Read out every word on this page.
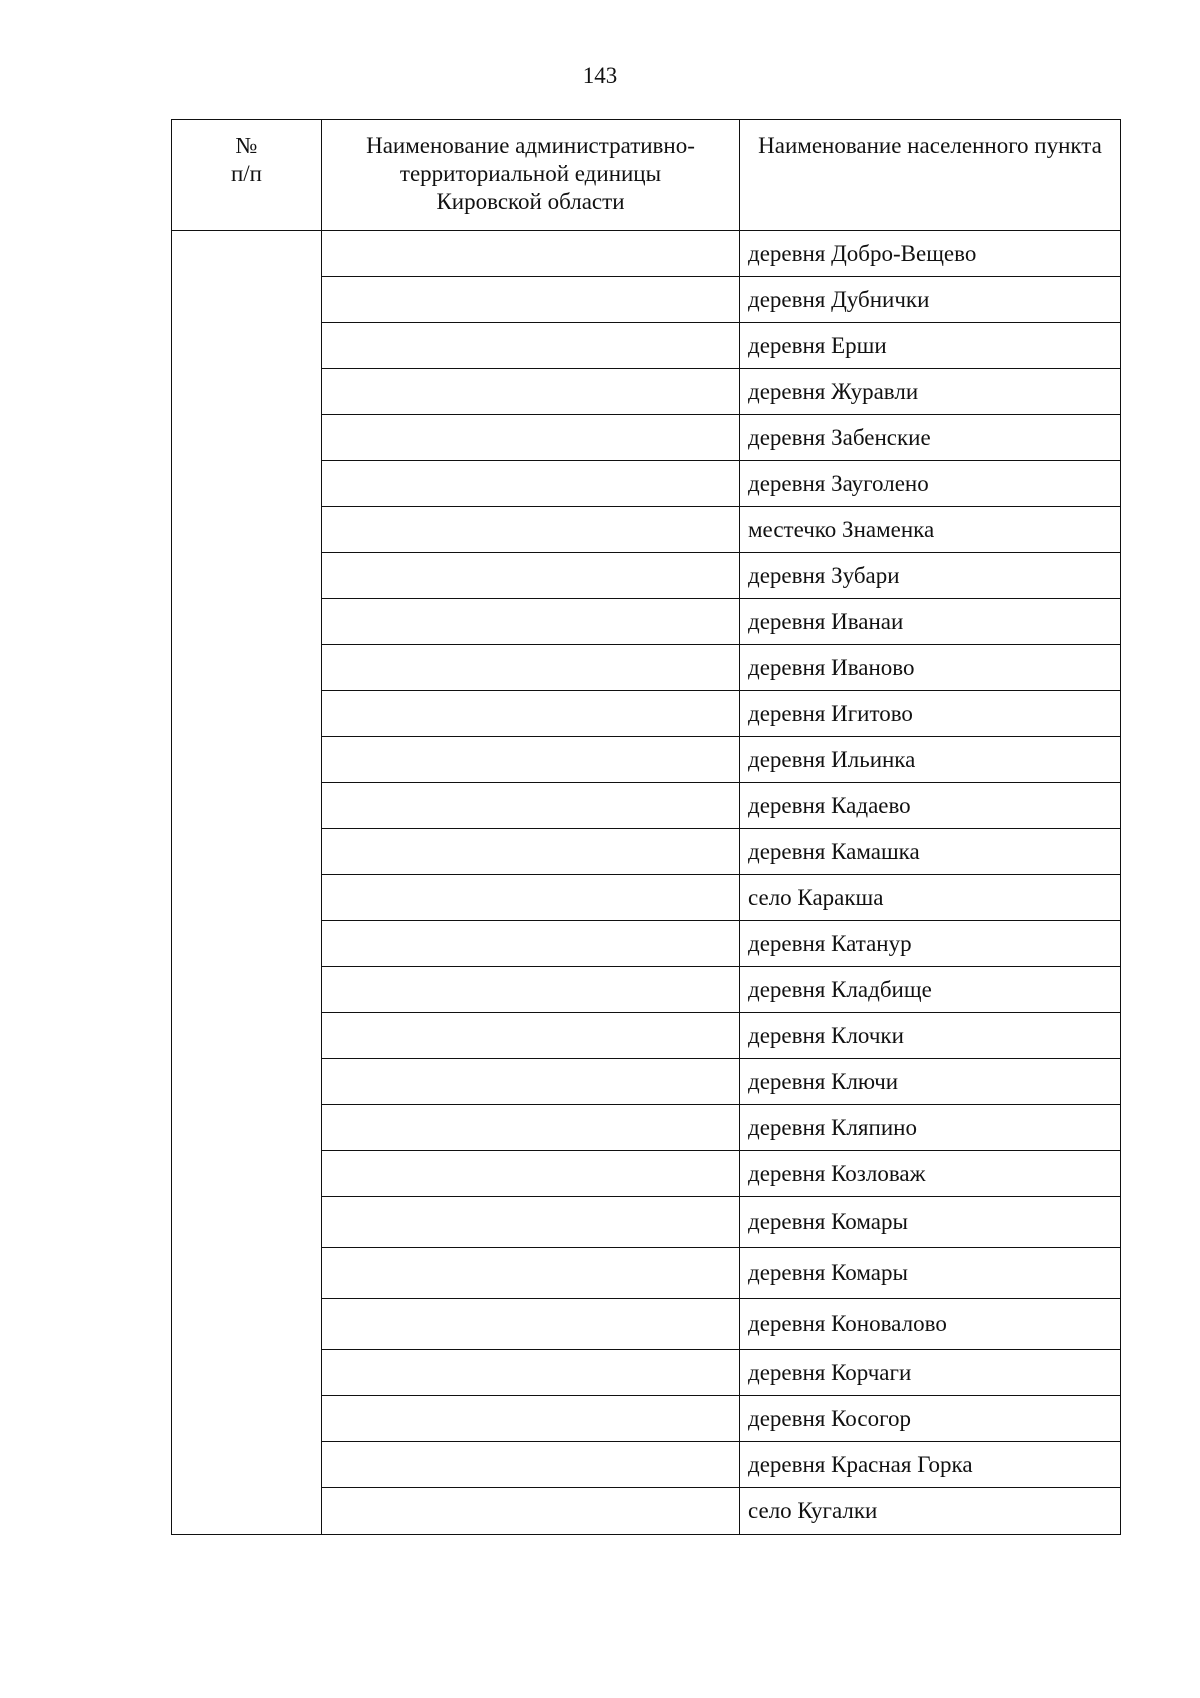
143
№
п/п
Наименование административно-
территориальной единицы
Кировской области
Наименование населенного пункта
деревня Добро-Вещево
деревня Дубнички
деревня Ерши
деревня Журавли
деревня Забенские
деревня Зауголено
местечко Знаменка
деревня Зубари
деревня Иванаи
деревня Иваново
деревня Игитово
деревня Ильинка
деревня Кадаево
деревня Камашка
село Каракша
деревня Катанур
деревня Кладбище
деревня Клочки
деревня Ключи
деревня Кляпино
деревня Козловаж
деревня Комары
деревня Комары
деревня Коноваловo
деревня Корчаги
деревня Косогор
деревня Красная Горка
село Кугалки
